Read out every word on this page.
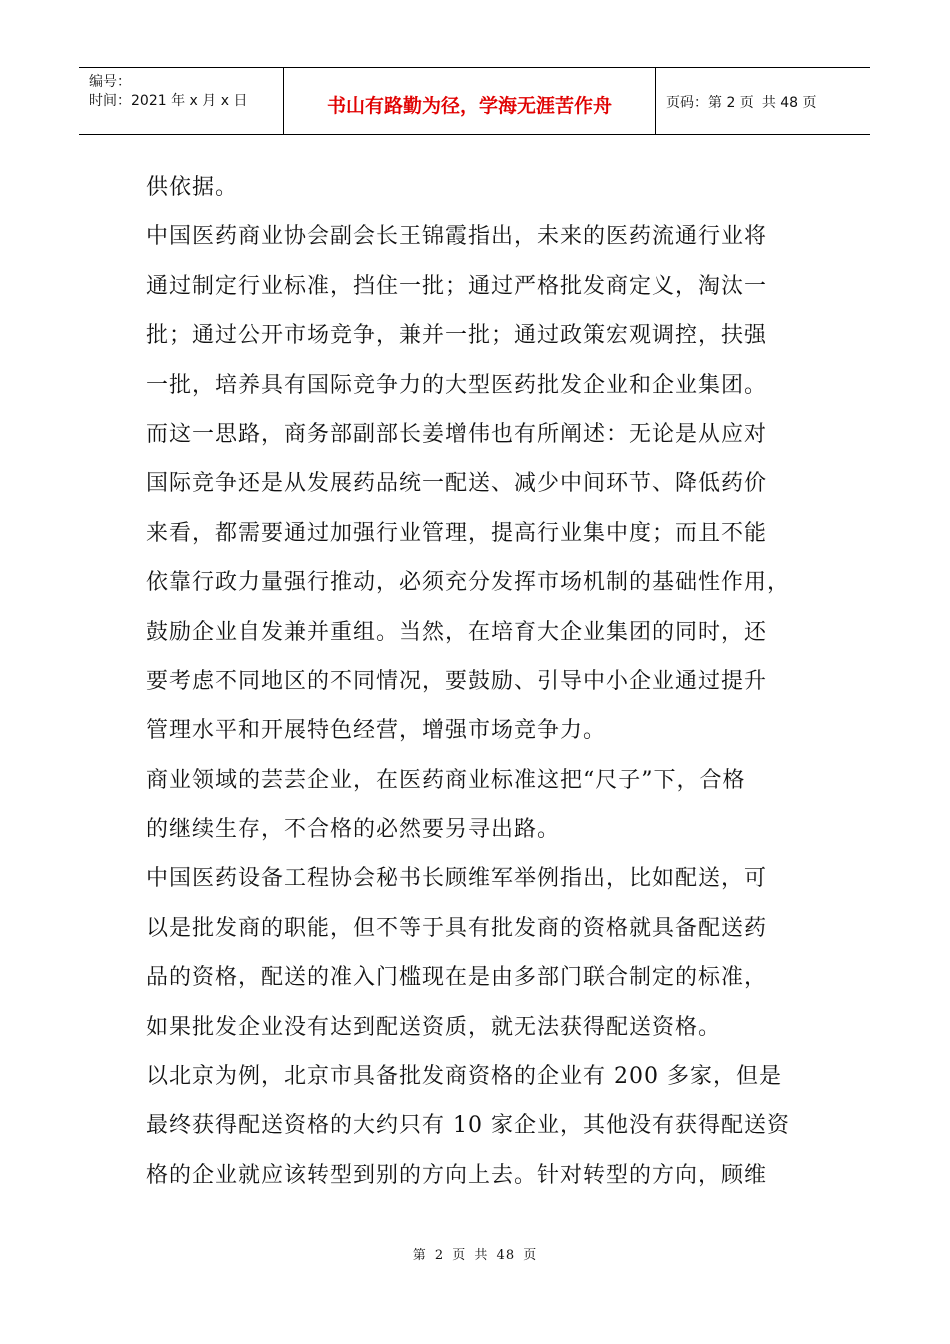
编号：
时间：2021 年 x 月 x 日	书山有路勤为径，学海无涯苦作舟	页码：第 2 页 共 48 页
供依据。
中国医药商业协会副会长王锦霞指出，未来的医药流通行业将
通过制定行业标准，挡住一批；通过严格批发商定义，淘汰一
批；通过公开市场竞争，兼并一批；通过政策宏观调控，扶强
一批，培养具有国际竞争力的大型医药批发企业和企业集团。
而这一思路，商务部副部长姜增伟也有所阐述：无论是从应对
国际竞争还是从发展药品统一配送、减少中间环节、降低药价
来看，都需要通过加强行业管理，提高行业集中度；而且不能
依靠行政力量强行推动，必须充分发挥市场机制的基础性作用，
鼓励企业自发兼并重组。当然，在培育大企业集团的同时，还
要考虑不同地区的不同情况，要鼓励、引导中小企业通过提升
管理水平和开展特色经营，增强市场竞争力。
商业领域的芸芸企业，在医药商业标准这把“尺子”下，合格
的继续生存，不合格的必然要另寻出路。
中国医药设备工程协会秘书长顾维军举例指出，比如配送，可
以是批发商的职能，但不等于具有批发商的资格就具备配送药
品的资格，配送的准入门槛现在是由多部门联合制定的标准，
如果批发企业没有达到配送资质，就无法获得配送资格。
以北京为例，北京市具备批发商资格的企业有 200 多家，但是
最终获得配送资格的大约只有 10 家企业，其他没有获得配送资
格的企业就应该转型到别的方向上去。针对转型的方向，顾维
第 2 页 共 48 页
